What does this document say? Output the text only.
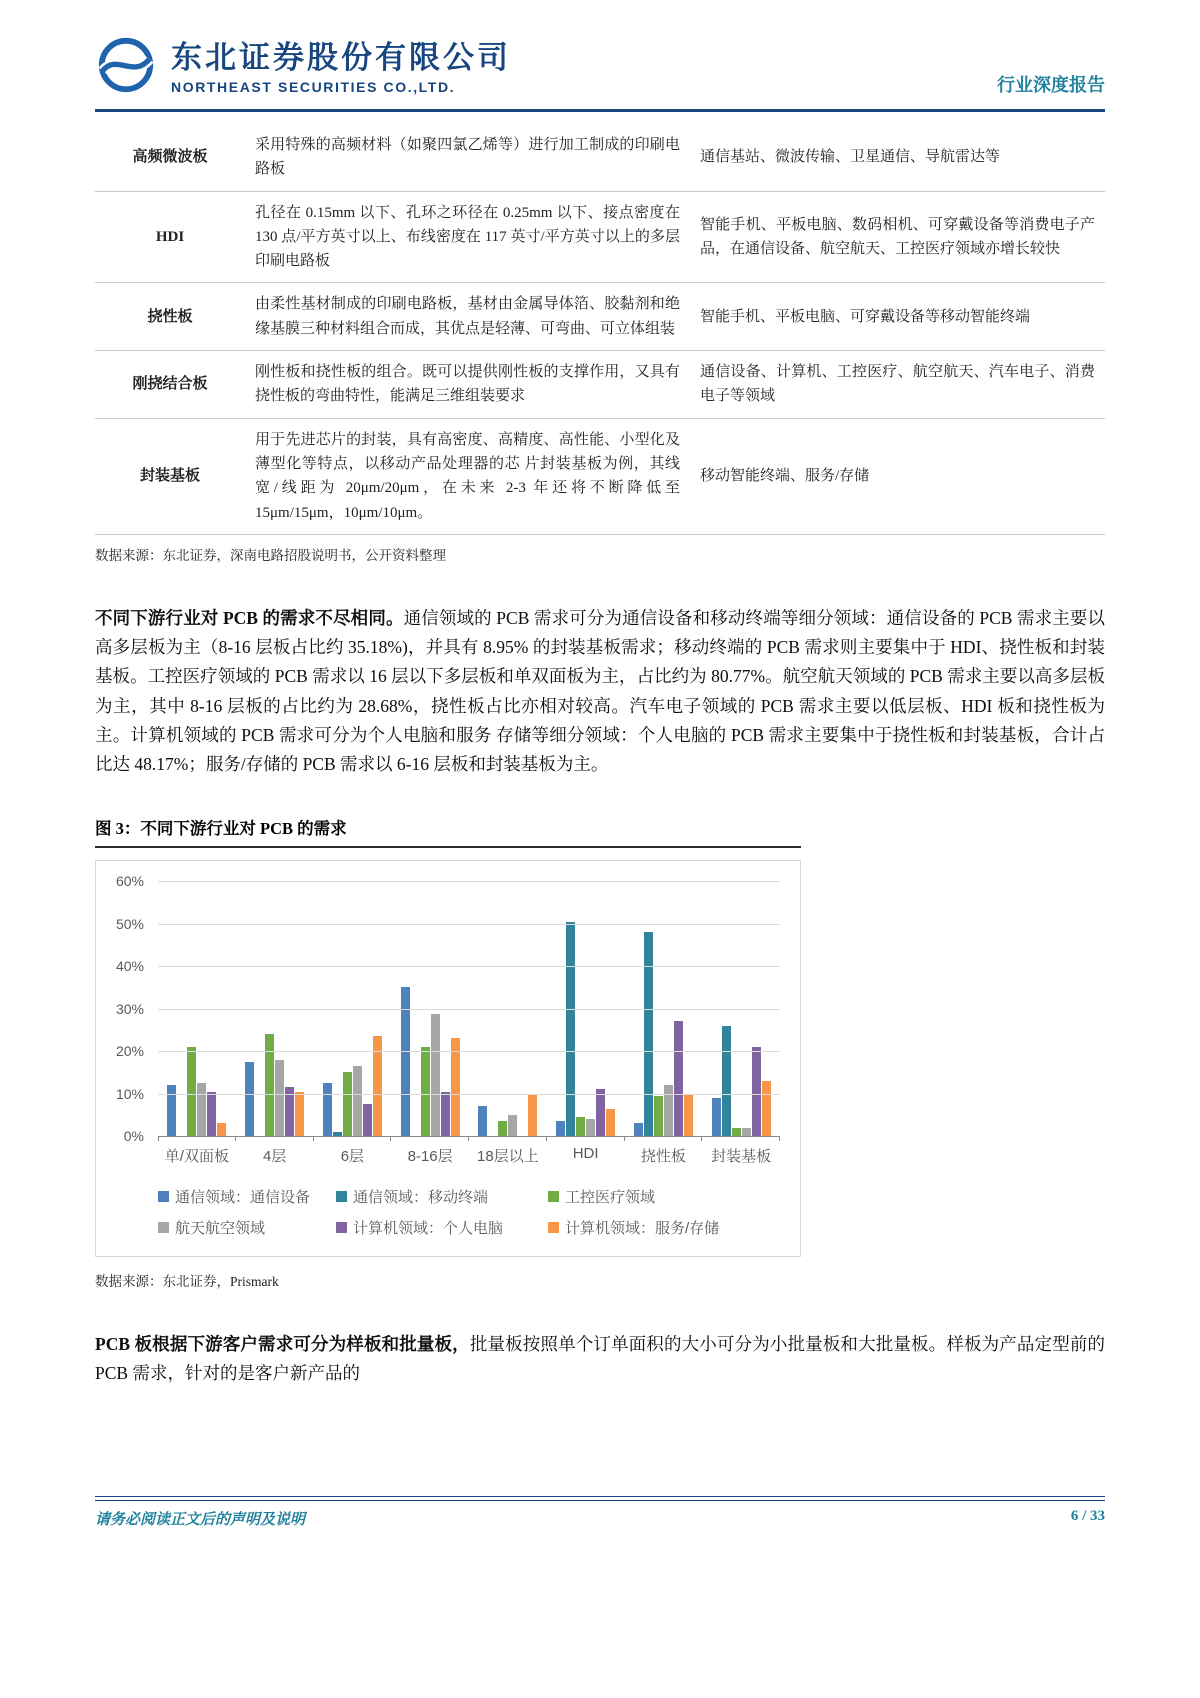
东北证券股份有限公司
NORTHEAST SECURITIES CO.,LTD.	行业深度报告
高频微波板	采用特殊的高频材料（如聚四氯乙烯等）进行加工制成的印刷电路板	通信基站、微波传输、卫星通信、导航雷达等
HDI	孔径在 0.15mm 以下、孔环之环径在 0.25mm 以下、接点密度在 130 点/平方英寸以上、布线密度在 117 英寸/平方英寸以上的多层印刷电路板	智能手机、平板电脑、数码相机、可穿戴设备等消费电子产品，在通信设备、航空航天、工控医疗领域亦增长较快
挠性板	由柔性基材制成的印刷电路板，基材由金属导体箔、胶黏剂和绝缘基膜三种材料组合而成，其优点是轻薄、可弯曲、可立体组装	智能手机、平板电脑、可穿戴设备等移动智能终端
刚挠结合板	刚性板和挠性板的组合。既可以提供刚性板的支撑作用，又具有挠性板的弯曲特性，能满足三维组装要求	通信设备、计算机、工控医疗、航空航天、汽车电子、消费电子等领域
封装基板	用于先进芯片的封装，具有高密度、高精度、高性能、小型化及薄型化等特点，以移动产品处理器的芯 片封装基板为例，其线宽/线距为 20μm/20μm，在未来 2-3 年还将不断降低至 15μm/15μm，10μm/10μm。	移动智能终端、服务/存储
数据来源：东北证券，深南电路招股说明书，公开资料整理
不同下游行业对 PCB 的需求不尽相同。通信领域的 PCB 需求可分为通信设备和移动终端等细分领域：通信设备的 PCB 需求主要以高多层板为主（8-16 层板占比约 35.18%)，并具有 8.95% 的封装基板需求；移动终端的 PCB 需求则主要集中于 HDI、挠性板和封装基板。工控医疗领域的 PCB 需求以 16 层以下多层板和单双面板为主，占比约为 80.77%。航空航天领域的 PCB 需求主要以高多层板为主，其中 8-16 层板的占比约为 28.68%，挠性板占比亦相对较高。汽车电子领域的 PCB 需求主要以低层板、HDI 板和挠性板为主。计算机领域的 PCB 需求可分为个人电脑和服务 存储等细分领域：个人电脑的 PCB 需求主要集中于挠性板和封装基板，合计占比达 48.17%；服务/存储的 PCB 需求以 6-16 层板和封装基板为主。
图 3：不同下游行业对 PCB 的需求
0%
10%
20%
30%
40%
50%
60%
单/双面板	4层	6层	8-16层	18层以上	HDI	挠性板	封装基板
通信领域：通信设备	通信领域：移动终端	工控医疗领域
航天航空领域	计算机领域：个人电脑	计算机领域：服务/存储
数据来源：东北证券，Prismark
PCB 板根据下游客户需求可分为样板和批量板，批量板按照单个订单面积的大小可分为小批量板和大批量板。样板为产品定型前的 PCB 需求，针对的是客户新产品的
请务必阅读正文后的声明及说明	6 / 33
